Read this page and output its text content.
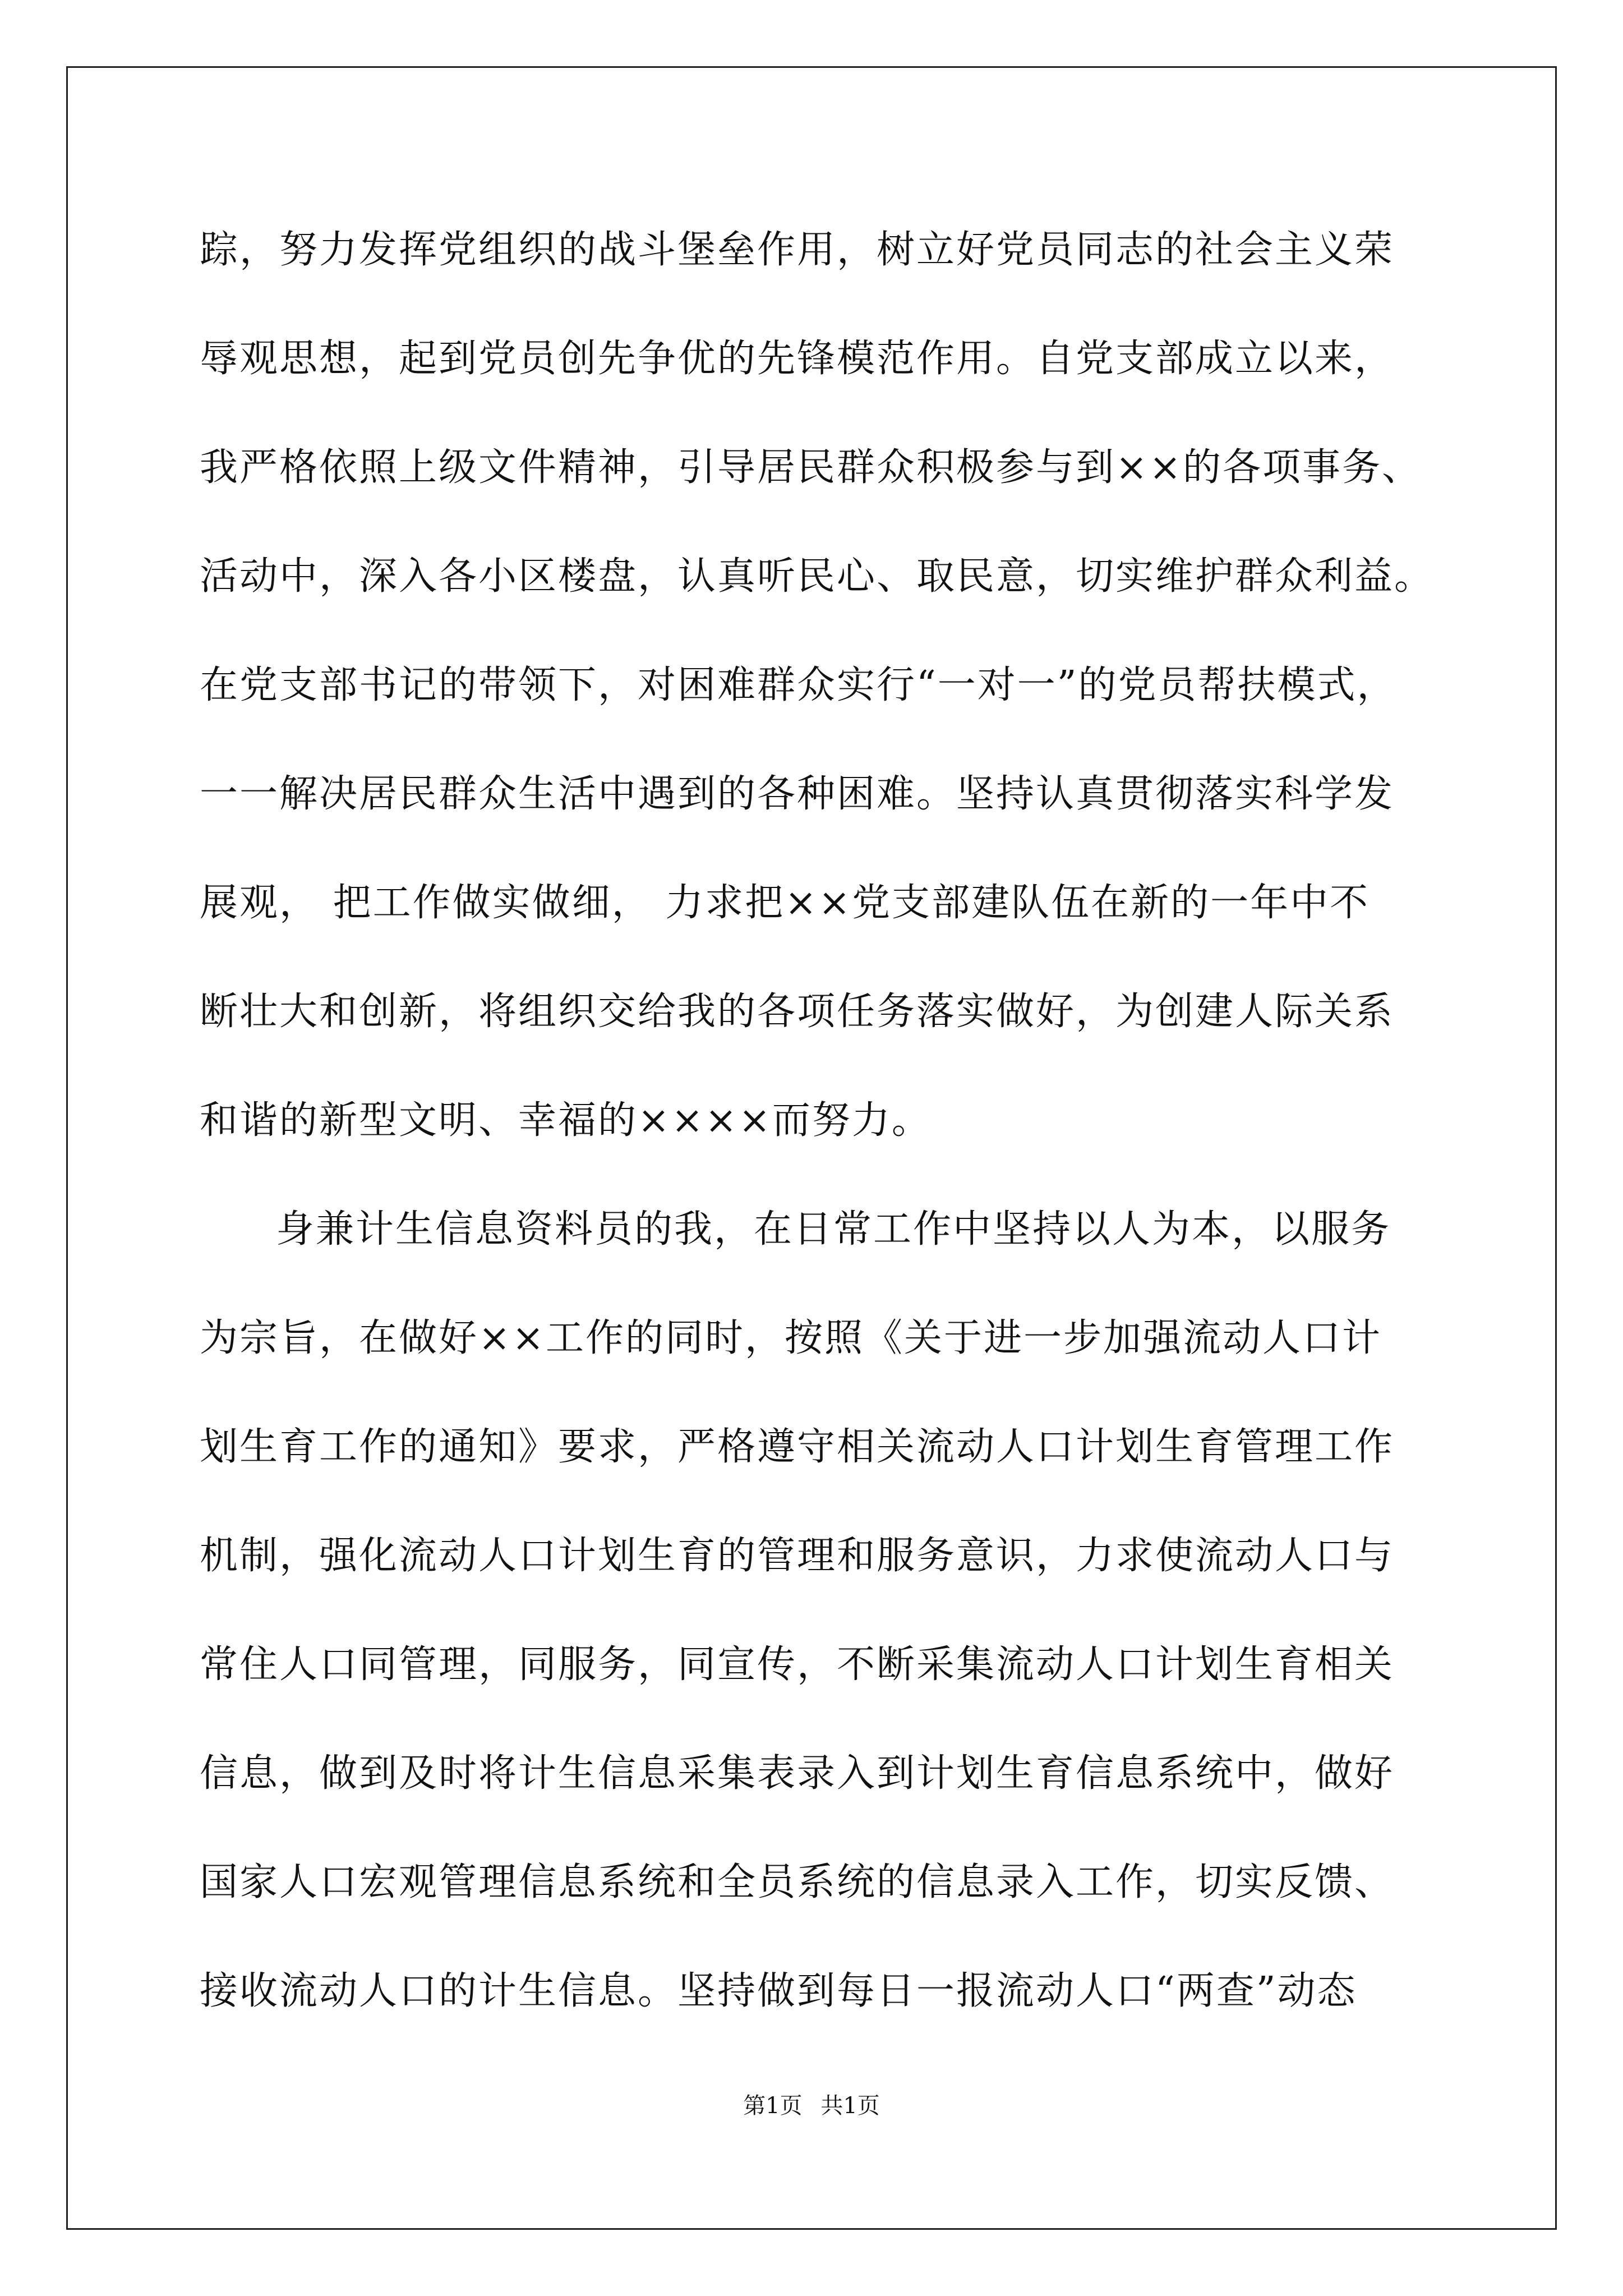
踪，努力发挥党组织的战斗堡垒作用，树立好党员同志的社会主义荣
辱观思想，起到党员创先争优的先锋模范作用。自党支部成立以来，
我严格依照上级文件精神，引导居民群众积极参与到××的各项事务、
活动中，深入各小区楼盘，认真听民心、取民意，切实维护群众利益。
在党支部书记的带领下，对困难群众实行“一对一”的党员帮扶模式，
一一解决居民群众生活中遇到的各种困难。坚持认真贯彻落实科学发
展观， 把工作做实做细， 力求把××党支部建队伍在新的一年中不
断壮大和创新，将组织交给我的各项任务落实做好，为创建人际关系
和谐的新型文明、幸福的××××而努力。
身兼计生信息资料员的我，在日常工作中坚持以人为本，以服务
为宗旨，在做好××工作的同时，按照《关于进一步加强流动人口计
划生育工作的通知》要求，严格遵守相关流动人口计划生育管理工作
机制，强化流动人口计划生育的管理和服务意识，力求使流动人口与
常住人口同管理，同服务，同宣传，不断采集流动人口计划生育相关
信息，做到及时将计生信息采集表录入到计划生育信息系统中，做好
国家人口宏观管理信息系统和全员系统的信息录入工作，切实反馈、
接收流动人口的计生信息。坚持做到每日一报流动人口“两查”动态
第1页 共1页
